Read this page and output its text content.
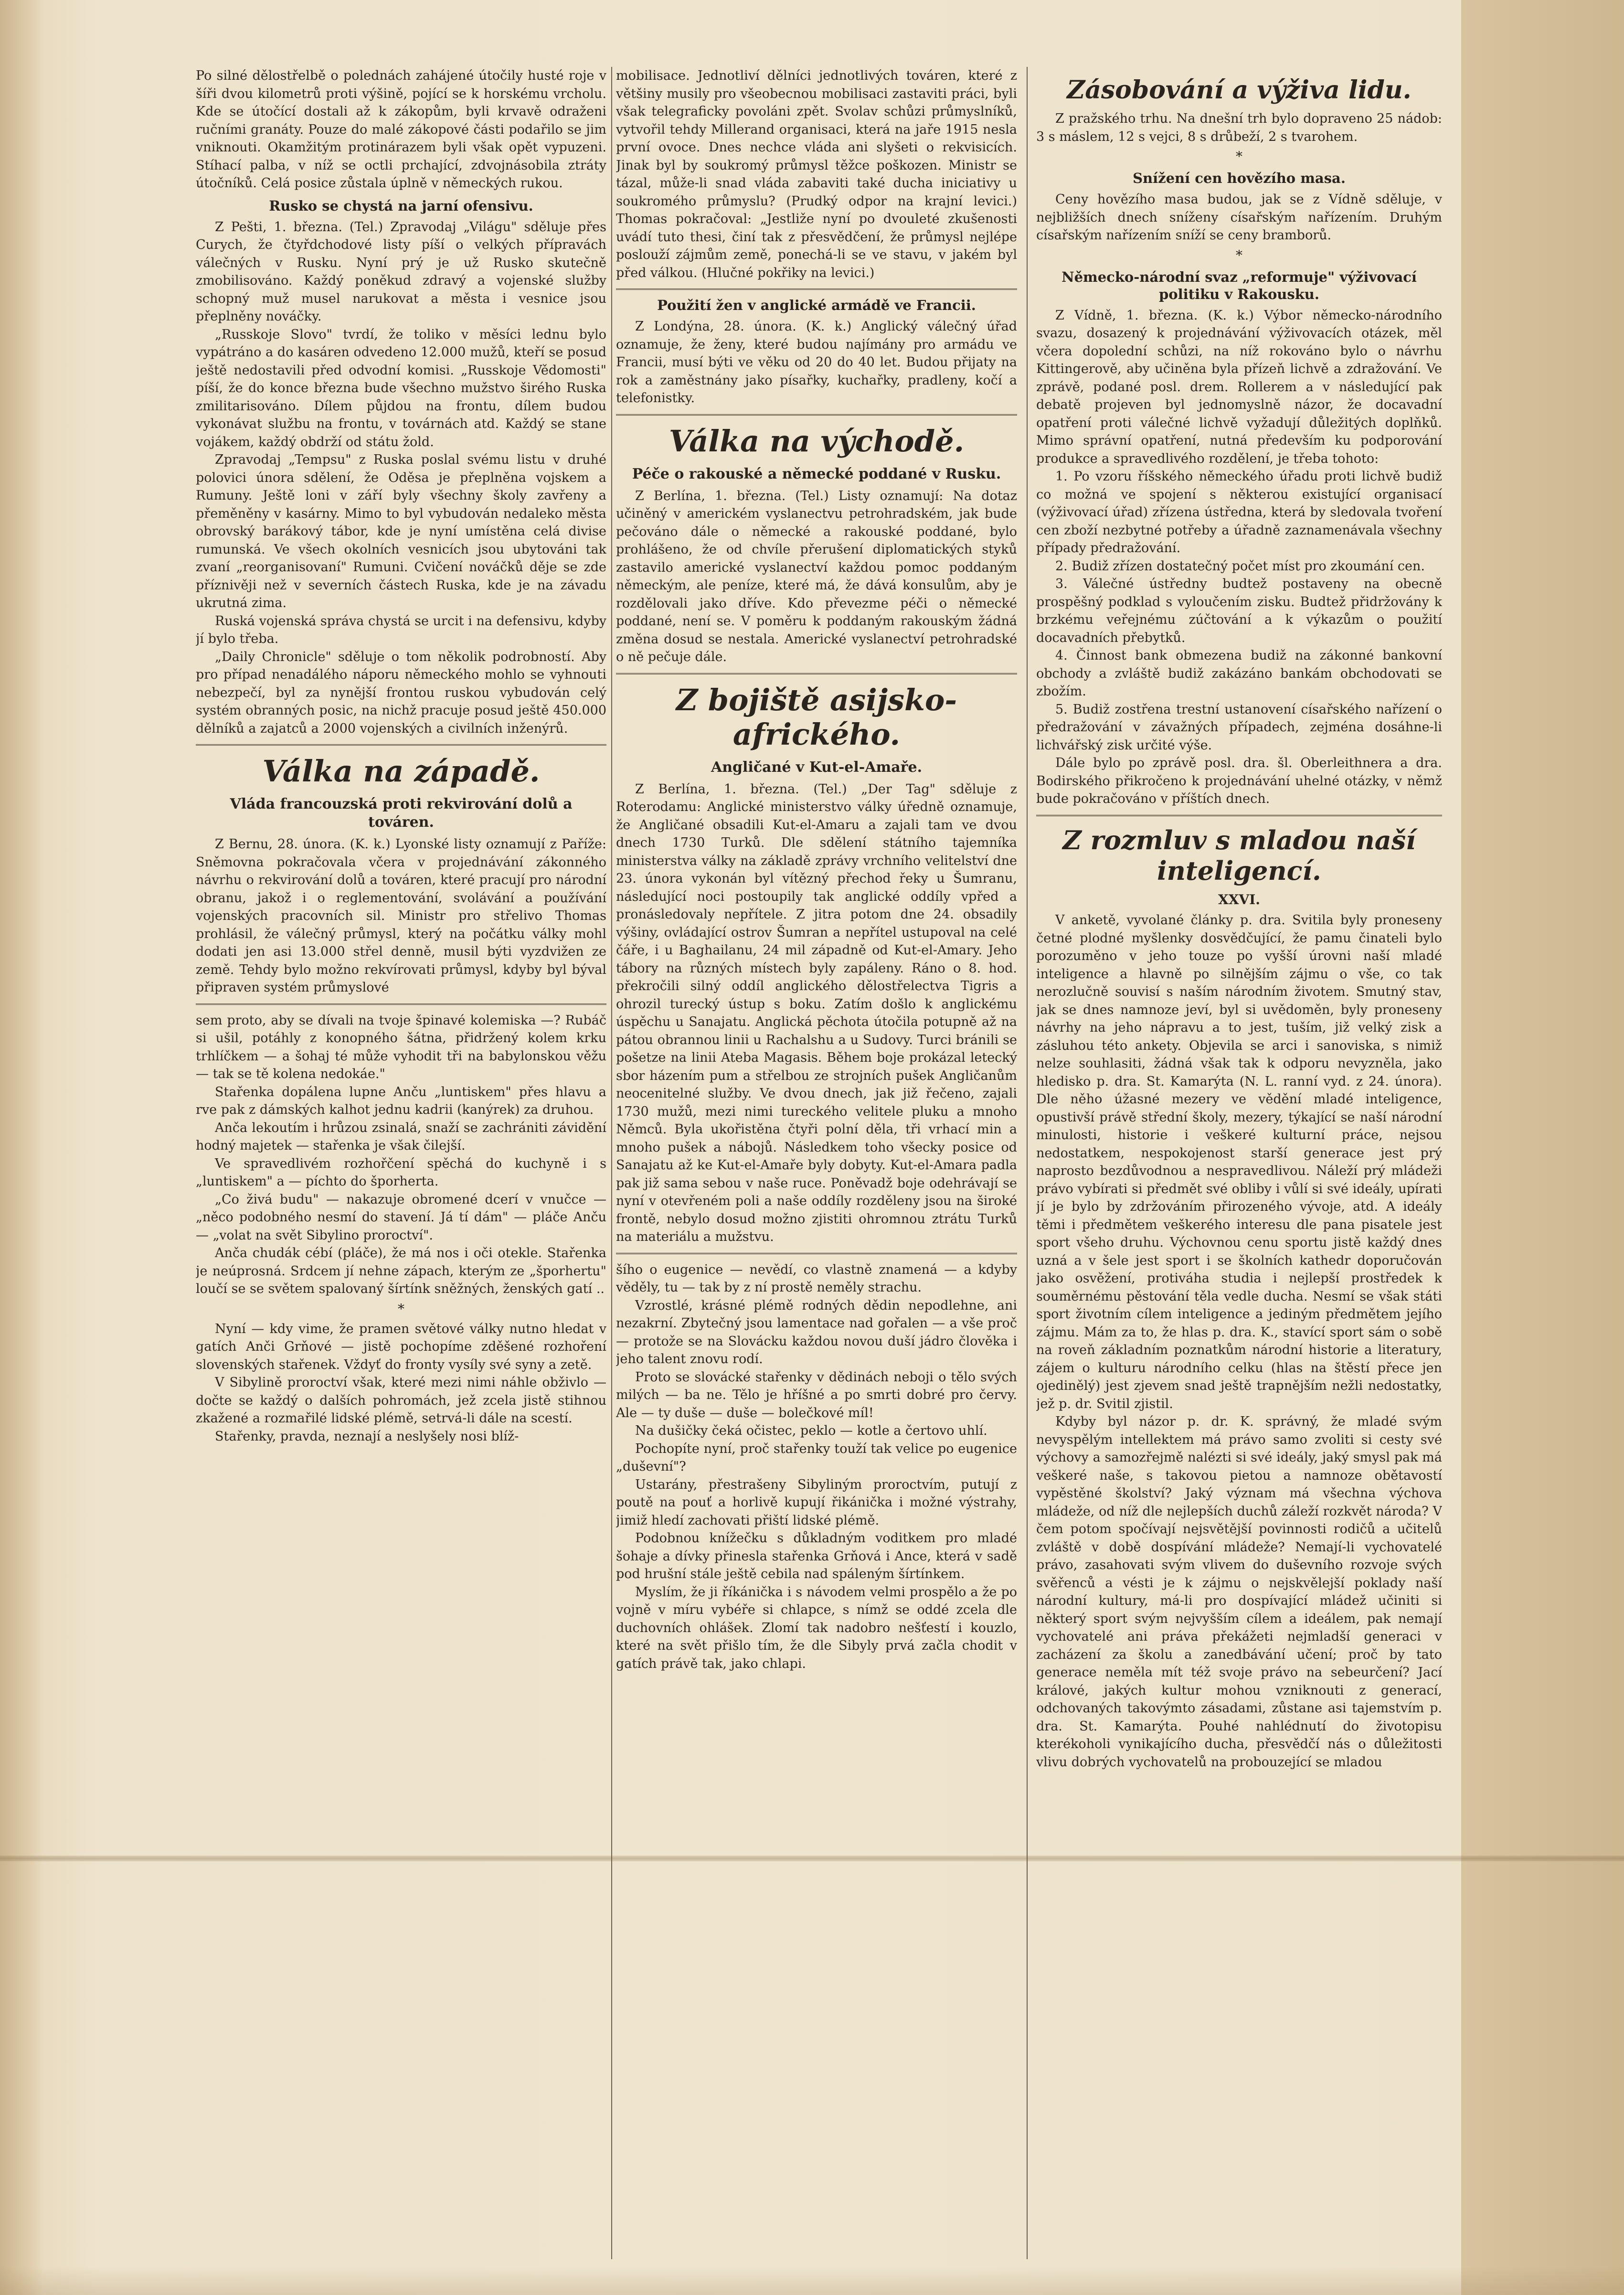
Po silné dělostřelbě o polednách zahájené útočily husté roje v šíři dvou kilometrů proti výšině, pojící se k horskému vrcholu. Kde se útočící dostali až k zákopům, byli krvavě odraženi ručními granáty. Pouze do malé zákopové části podařilo se jim vniknouti. Okamžitým protinárazem byli však opět vypuzeni. Stíhací palba, v níž se octli prchající, zdvojnásobila ztráty útočníků. Celá posice zůstala úplně v německých rukou.

Rusko se chystá na jarní ofensivu.

Z Pešti, 1. března. (Tel.) Zpravodaj „Világu" sděluje přes Curych, že čtyřdchodové listy píší o velkých přípravách válečných v Rusku. Nyní prý je už Rusko skutečně zmobilisováno. Každý poněkud zdravý a vojenské služby schopný muž musel narukovat a města i vesnice jsou přeplněny nováčky.

„Russkoje Slovo" tvrdí, že toliko v měsíci lednu bylo vypátráno a do kasáren odvedeno 12.000 mužů, kteří se posud ještě nedostavili před odvodní komisi. „Russkoje Vědomosti" píší, že do konce března bude všechno mužstvo širého Ruska zmilitarisováno. Dílem půjdou na frontu, dílem budou vykonávat službu na frontu, v továrnách atd. Každý se stane vojákem, každý obdrží od státu žold.

Zpravodaj „Tempsu" z Ruska poslal svému listu v druhé polovici února sdělení, že Oděsa je přeplněna vojskem a Rumuny. Ještě loni v září byly všechny školy zavřeny a přeměněny v kasárny. Mimo to byl vybudován nedaleko města obrovský barákový tábor, kde je nyní umístěna celá divise rumunská. Ve všech okolních vesnicích jsou ubytováni tak zvaní „reorganisovaní" Rumuni. Cvičení nováčků děje se zde příznivěji než v severních částech Ruska, kde je na závadu ukrutná zima.

Ruská vojenská správa chystá se urcit i na defensivu, kdyby jí bylo třeba.

„Daily Chronicle" sděluje o tom několik podrobností. Aby pro případ nenadálého náporu německého mohlo se vyhnouti nebezpečí, byl za nynější frontou ruskou vybudován celý systém obranných posic, na nichž pracuje posud ještě 450.000 dělníků a zajatců a 2000 vojenských a civilních inženýrů.

Válka na západě.
Vláda francouzská proti rekvirování dolů a továren.

Z Bernu, 28. února. (K. k.) Lyonské listy oznamují z Paříže: Sněmovna pokračovala včera v projednávání zákonného návrhu o rekvirování dolů a továren, které pracují pro národní obranu, jakož i o reglementování, svolávání a používání vojenských pracovních sil. Ministr pro střelivo Thomas prohlásil, že válečný průmysl, který na počátku války mohl dodati jen asi 13.000 střel denně, musil býti vyzdvižen ze země. Tehdy bylo možno rekvírovati průmysl, kdyby byl býval připraven systém průmyslové

sem proto, aby se dívali na tvoje špinavé kolemiska —? Rubáč si ušil, potáhly z konopného šátna, přidržený kolem krku trhlíčkem — a šohaj té může vyhodit tři na babylonskou věžu — tak se tě kolena nedokáe."

Stařenka dopálena lupne Anču „luntiskem" přes hlavu a rve pak z dámských kalhot jednu kadrii (kanýrek) za druhou.

Anča lekoutím i hrůzou zsinalá, snaží se zachrániti závidění hodný majetek — stařenka je však čilejší.

Ve spravedlivém rozhořčení spěchá do kuchyně i s „luntiskem" a — píchto do šporherta.

„Co živá budu" — nakazuje obromené dcerí v vnučce — „něco podobného nesmí do stavení. Já tí dám" — pláče Anču — „volat na svět Sibylino proroctví".

Anča chudák cébí (pláče), že má nos i oči otekle. Stařenka je neúprosná. Srdcem jí nehne zápach, kterým ze „šporhertu" loučí se se světem spalovaný šírtínk sněžných, ženských gatí ..

*

Nyní — kdy vime, že pramen světové války nutno hledat v gatích Anči Grňové — jistě pochopíme zděšené rozhoření slovenských stařenek. Vždyť do fronty vysíly své syny a zetě.

V Sibylině proroctví však, které mezi nimi náhle obživlo — dočte se každý o dalších pohromách, jež zcela jistě stihnou zkažené a rozmařilé lidské plémě, setrvá-li dále na scestí.

Stařenky, pravda, neznají a neslyšely nosi blíž-

mobilisace. Jednotliví dělníci jednotlivých továren, které z většiny musily pro všeobecnou mobilisaci zastaviti práci, byli však telegraficky povoláni zpět. Svolav schůzi průmyslníků, vytvořil tehdy Millerand organisaci, která na jaře 1915 nesla první ovoce. Dnes nechce vláda ani slyšeti o rekvisicích. Jinak byl by soukromý průmysl těžce poškozen. Ministr se tázal, může-li snad vláda zabaviti také ducha iniciativy u soukromého průmyslu? (Prudký odpor na krajní levici.) Thomas pokračoval: „Jestliže nyní po dvouleté zkušenosti uvádí tuto thesi, činí tak z přesvědčení, že průmysl nejlépe poslouží zájmům země, ponechá-li se ve stavu, v jakém byl před válkou. (Hlučné pokřiky na levici.)

Použití žen v anglické armádě ve Francii.

Z Londýna, 28. února. (K. k.) Anglický válečný úřad oznamuje, že ženy, které budou najímány pro armádu ve Francii, musí býti ve věku od 20 do 40 let. Budou přijaty na rok a zaměstnány jako písařky, kuchařky, pradleny, kočí a telefonistky.

Válka na východě.
Péče o rakouské a německé poddané v Rusku.

Z Berlína, 1. března. (Tel.) Listy oznamují: Na dotaz učiněný v americkém vyslanectvu petrohradském, jak bude pečováno dále o německé a rakouské poddané, bylo prohlášeno, že od chvíle přerušení diplomatických styků zastavilo americké vyslanectví každou pomoc poddaným německým, ale peníze, které má, že dává konsulům, aby je rozdělovali jako dříve. Kdo převezme péči o německé poddané, není se. V poměru k poddaným rakouským žádná změna dosud se nestala. Americké vyslanectví petrohradské o ně pečuje dále.

Z bojiště asijsko-afrického.
Angličané v Kut-el-Amaře.

Z Berlína, 1. března. (Tel.) „Der Tag" sděluje z Roterodamu: Anglické ministerstvo války úředně oznamuje, že Angličané obsadili Kut-el-Amaru a zajali tam ve dvou dnech 1730 Turků. Dle sdělení státního tajemníka ministerstva války na základě zprávy vrchního velitelství dne 23. února vykonán byl vítězný přechod řeky u Šumranu, následující noci postoupily tak anglické oddíly vpřed a pronásledovaly nepřítele. Z jitra potom dne 24. obsadily výšiny, ovládající ostrov Šumran a nepřítel ustupoval na celé čáře, i u Baghailanu, 24 mil západně od Kut-el-Amary. Jeho tábory na různých místech byly zapáleny. Ráno o 8. hod. překročili silný oddíl anglického dělostřelectva Tigris a ohrozil turecký ústup s boku. Zatím došlo k anglickému úspěchu u Sanajatu. Anglická pěchota útočila potupně až na pátou obrannou linii u Rachalshu a u Sudovy. Turci bránili se pošetze na linii Ateba Magasis. Během boje prokázal letecký sbor házením pum a střelbou ze strojních pušek Angličanům neocenitelné služby. Ve dvou dnech, jak již řečeno, zajali 1730 mužů, mezi nimi tureckého velitele pluku a mnoho Němců. Byla ukořistěna čtyři polní děla, tři vrhací min a mnoho pušek a nábojů. Následkem toho všecky posice od Sanajatu až ke Kut-el-Amaře byly dobyty. Kut-el-Amara padla pak již sama sebou v naše ruce. Poněvadž boje odehrávají se nyní v otevřeném poli a naše oddíly rozděleny jsou na široké frontě, nebylo dosud možno zjistiti ohromnou ztrátu Turků na materiálu a mužstvu.

šího o eugenice — nevědí, co vlastně znamená — a kdyby věděly, tu — tak by z ní prostě neměly strachu.

Vzrostlé, krásné plémě rodných dědin nepodlehne, ani nezakrní. Zbytečný jsou lamentace nad gořalen — a vše proč — protože se na Slovácku každou novou duší jádro člověka i jeho talent znovu rodí.

Proto se slovácké stařenky v dědinách neboji o tělo svých milých — ba ne. Tělo je hříšné a po smrti dobré pro červy. Ale — ty duše — duše — bolečkové míl!

Na dušičky čeká očistec, peklo — kotle a čertovo uhlí.

Pochopíte nyní, proč stařenky touží tak velice po eugenice „duševní"?

Ustarány, přestrašeny Sibyliným proroctvím, putují z poutě na pouť a horlivě kupují řikánička i možné výstrahy, jimiž hledí zachovati přiští lidské plémě.

Podobnou knížečku s důkladným voditkem pro mladé šohaje a dívky přinesla stařenka Grňová i Ance, která v sadě pod hrušní stále ještě cebila nad spáleným šírtínkem.

Myslím, že ji říkánička i s návodem velmi prospělo a že po vojně v míru vybéře si chlapce, s nímž se oddé zcela dle duchovních ohlášek. Zlomí tak nadobro nešťestí i kouzlo, které na svět přišlo tím, že dle Sibyly prvá začla chodit v gatích právě tak, jako chlapi.

Zásobování a výživa lidu.

Z pražského trhu. Na dnešní trh bylo dopraveno 25 nádob: 3 s máslem, 12 s vejci, 8 s drůbeží, 2 s tvarohem.

*
Snížení cen hovězího masa.

Ceny hovězího masa budou, jak se z Vídně sděluje, v nejbližších dnech sníženy císařským nařízením. Druhým císařským nařízením sníží se ceny bramborů.

*
Německo-národní svaz „reformuje" výživovací politiku v Rakousku.

Z Vídně, 1. března. (K. k.) Výbor německo-národního svazu, dosazený k projednávání výživovacích otázek, měl včera dopolední schůzi, na níž rokováno bylo o návrhu Kittingerově, aby učiněna byla přízeň lichvě a zdražování. Ve zprávě, podané posl. drem. Rollerem a v následující pak debatě projeven byl jednomyslně názor, že docavadní opatření proti válečné lichvě vyžadují důležitých doplňků. Mimo správní opatření, nutná především ku podporování produkce a spravedlivého rozdělení, je třeba tohoto:

1. Po vzoru říšského německého úřadu proti lichvě budiž co možná ve spojení s některou existující organisací (výživovací úřad) zřízena ústředna, která by sledovala tvoření cen zboží nezbytné potřeby a úřadně zaznamenávala všechny případy předražování.

2. Budiž zřízen dostatečný počet míst pro zkoumání cen.

3. Válečné ústředny budtež postaveny na obecně prospěšný podklad s vyloučením zisku. Budtež přidržovány k brzkému veřejnému zúčtování a k výkazům o použití docavadních přebytků.

4. Činnost bank obmezena budiž na zákonné bankovní obchody a zvláště budiž zakázáno bankám obchodovati se zbožím.

5. Budiž zostřena trestní ustanovení císařského nařízení o předražování v závažných případech, zejména dosáhne-li lichvářský zisk určité výše.

Dále bylo po zprávě posl. dra. šl. Oberleithnera a dra. Bodirského přikročeno k projednávání uhelné otázky, v němž bude pokračováno v příštích dnech.

Z rozmluv s mladou naší inteligencí.
XXVI.

V anketě, vyvolané články p. dra. Svitila byly proneseny četné plodné myšlenky dosvědčující, že pamu činateli bylo porozuměno v jeho touze po vyšší úrovni naší mladé inteligence a hlavně po silnějším zájmu o vše, co tak nerozlučně souvisí s naším národním životem. Smutný stav, jak se dnes namnoze jeví, byl si uvědoměn, byly proneseny návrhy na jeho nápravu a to jest, tuším, již velký zisk a zásluhou této ankety. Objevila se arci i sanoviska, s nimiž nelze souhlasiti, žádná však tak k odporu nevyzněla, jako hledisko p. dra. St. Kamarýta (N. L. ranní vyd. z 24. února). Dle něho úžasné mezery ve vědění mladé inteligence, opustivší právě střední školy, mezery, týkající se naší národní minulosti, historie i veškeré kulturní práce, nejsou nedostatkem, nespokojenost starší generace jest prý naprosto bezdůvodnou a nespravedlivou. Náleží prý mládeži právo vybírati si předmět své obliby i vůlí si své ideály, upírati jí je bylo by zdržováním přirozeného vývoje, atd. A ideály těmi i předmětem veškerého interesu dle pana pisatele jest sport všeho druhu. Výchovnou cenu sportu jistě každý dnes uzná a v šele jest sport i se školních kathedr doporučován jako osvěžení, protiváha studia i nejlepší prostředek k souměrnému pěstování těla vedle ducha. Nesmí se však státi sport životním cílem inteligence a jediným předmětem jejího zájmu. Mám za to, že hlas p. dra. K., stavící sport sám o sobě na roveň základním poznatkům národní historie a literatury, zájem o kulturu národního celku (hlas na štěstí přece jen ojedinělý) jest zjevem snad ještě trapnějším nežli nedostatky, jež p. dr. Svitil zjistil.

Kdyby byl názor p. dr. K. správný, že mladé svým nevyspělým intellektem má právo samo zvoliti si cesty své výchovy a samozřejmě nalézti si své ideály, jaký smysl pak má veškeré naše, s takovou pietou a namnoze obětavostí vypěstěné školství? Jaký význam má všechna výchova mládeže, od níž dle nejlepších duchů záleží rozkvět národa? V čem potom spočívají nejsvětější povinnosti rodičů a učitelů zvláště v době dospívání mládeže? Nemají-li vychovatelé právo, zasahovati svým vlivem do duševního rozvoje svých svěřenců a vésti je k zájmu o nejskvělejší poklady naší národní kultury, má-li pro dospívající mládež učiniti si některý sport svým nejvyšším cílem a ideálem, pak nemají vychovatelé ani práva překážeti nejmladší generaci v zacházení za školu a zanedbávání učení; proč by tato generace neměla mít též svoje právo na sebeurčení? Jací králové, jakých kultur mohou vzniknouti z generací, odchovaných takovýmto zásadami, zůstane asi tajemstvím p. dra. St. Kamarýta. Pouhé nahlédnutí do životopisu kterékoholi vynikajícího ducha, přesvědčí nás o důležitosti vlivu dobrých vychovatelů na probouzející se mladou
